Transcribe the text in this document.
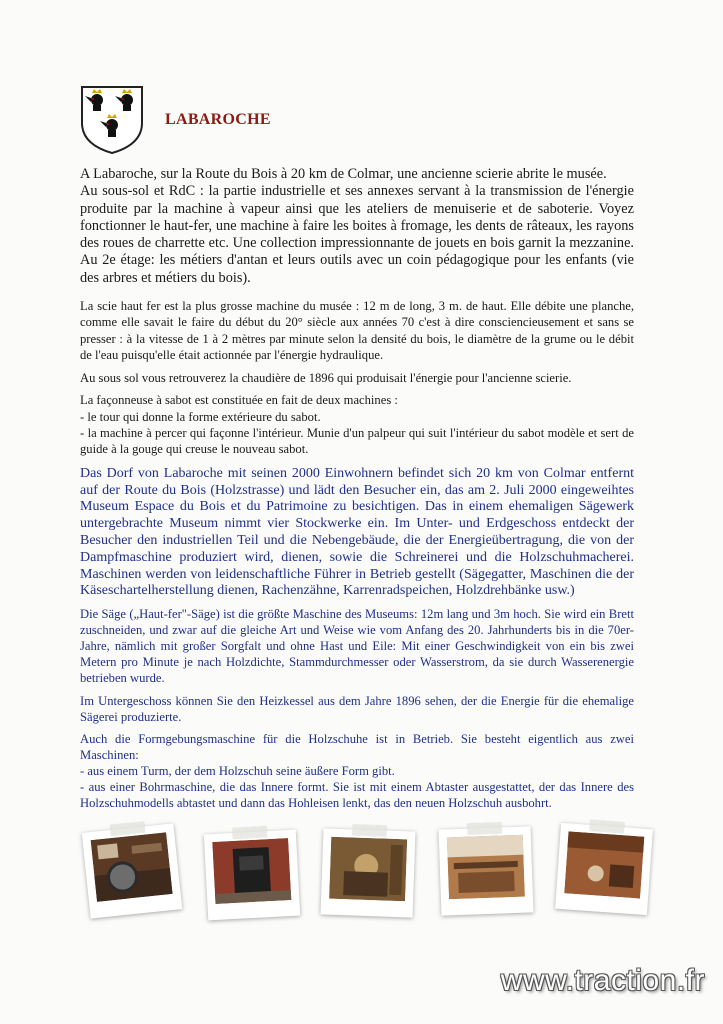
LABAROCHE

A Labaroche, sur la Route du Bois à 20 km de Colmar, une ancienne scierie abrite le musée.
Au sous-sol et RdC : la partie industrielle et ses annexes servant à la transmission de l'énergie produite par la machine à vapeur ainsi que les ateliers de menuiserie et de saboterie. Voyez fonctionner le haut-fer, une machine à faire les boites à fromage, les dents de râteaux, les rayons des roues de charrette etc. Une collection impressionnante de jouets en bois garnit la mezzanine. Au 2e étage: les métiers d'antan et leurs outils avec un coin pédagogique pour les enfants (vie des arbres et métiers du bois).

La scie haut fer est la plus grosse machine du musée : 12 m de long, 3 m. de haut. Elle débite une planche, comme elle savait le faire du début du 20° siècle aux années 70 c'est à dire consciencieusement et sans se presser : à la vitesse de 1 à 2 mètres par minute selon la densité du bois, le diamètre de la grume ou le débit de l'eau puisqu'elle était actionnée par l'énergie hydraulique.

Au sous sol vous retrouverez la chaudière de 1896 qui produisait l'énergie pour l'ancienne scierie.

La façonneuse à sabot est constituée en fait de deux machines :
- le tour qui donne la forme extérieure du sabot.
- la machine à percer qui façonne l'intérieur. Munie d'un palpeur qui suit l'intérieur du sabot modèle et sert de guide à la gouge qui creuse le nouveau sabot.

Das Dorf von Labaroche mit seinen 2000 Einwohnern befindet sich 20 km von Colmar entfernt auf der Route du Bois (Holzstrasse) und lädt den Besucher ein, das am 2. Juli 2000 eingeweihtes Museum Espace du Bois et du Patrimoine zu besichtigen. Das in einem ehemaligen Sägewerk untergebrachte Museum nimmt vier Stockwerke ein. Im Unter- und Erdgeschoss entdeckt der Besucher den industriellen Teil und die Nebengebäude, die der Energieübertragung, die von der Dampfmaschine produziert wird, dienen, sowie die Schreinerei und die Holzschuhmacherei. Maschinen werden von leidenschaftliche Führer in Betrieb gestellt (Sägegatter, Maschinen die der Käseschartelherstellung dienen, Rachenzähne, Karrenradspeichen, Holzdrehbänke usw.)

Die Säge („Haut-fer"-Säge) ist die größte Maschine des Museums: 12m lang und 3m hoch. Sie wird ein Brett zuschneiden, und zwar auf die gleiche Art und Weise wie vom Anfang des 20. Jahrhunderts bis in die 70er-Jahre, nämlich mit großer Sorgfalt und ohne Hast und Eile: Mit einer Geschwindigkeit von ein bis zwei Metern pro Minute je nach Holzdichte, Stammdurchmesser oder Wasserstrom, da sie durch Wasserenergie betrieben wurde.

Im Untergeschoss können Sie den Heizkessel aus dem Jahre 1896 sehen, der die Energie für die ehemalige Sägerei produzierte.

Auch die Formgebungsmaschine für die Holzschuhe ist in Betrieb. Sie besteht eigentlich aus zwei Maschinen:
- aus einem Turm, der dem Holzschuh seine äußere Form gibt.
- aus einer Bohrmaschine, die das Innere formt. Sie ist mit einem Abtaster ausgestattet, der das Innere des Holzschuhmodells abtastet und dann das Hohleisen lenkt, das den neuen Holzschuh ausbohrt.

www.traction.fr
